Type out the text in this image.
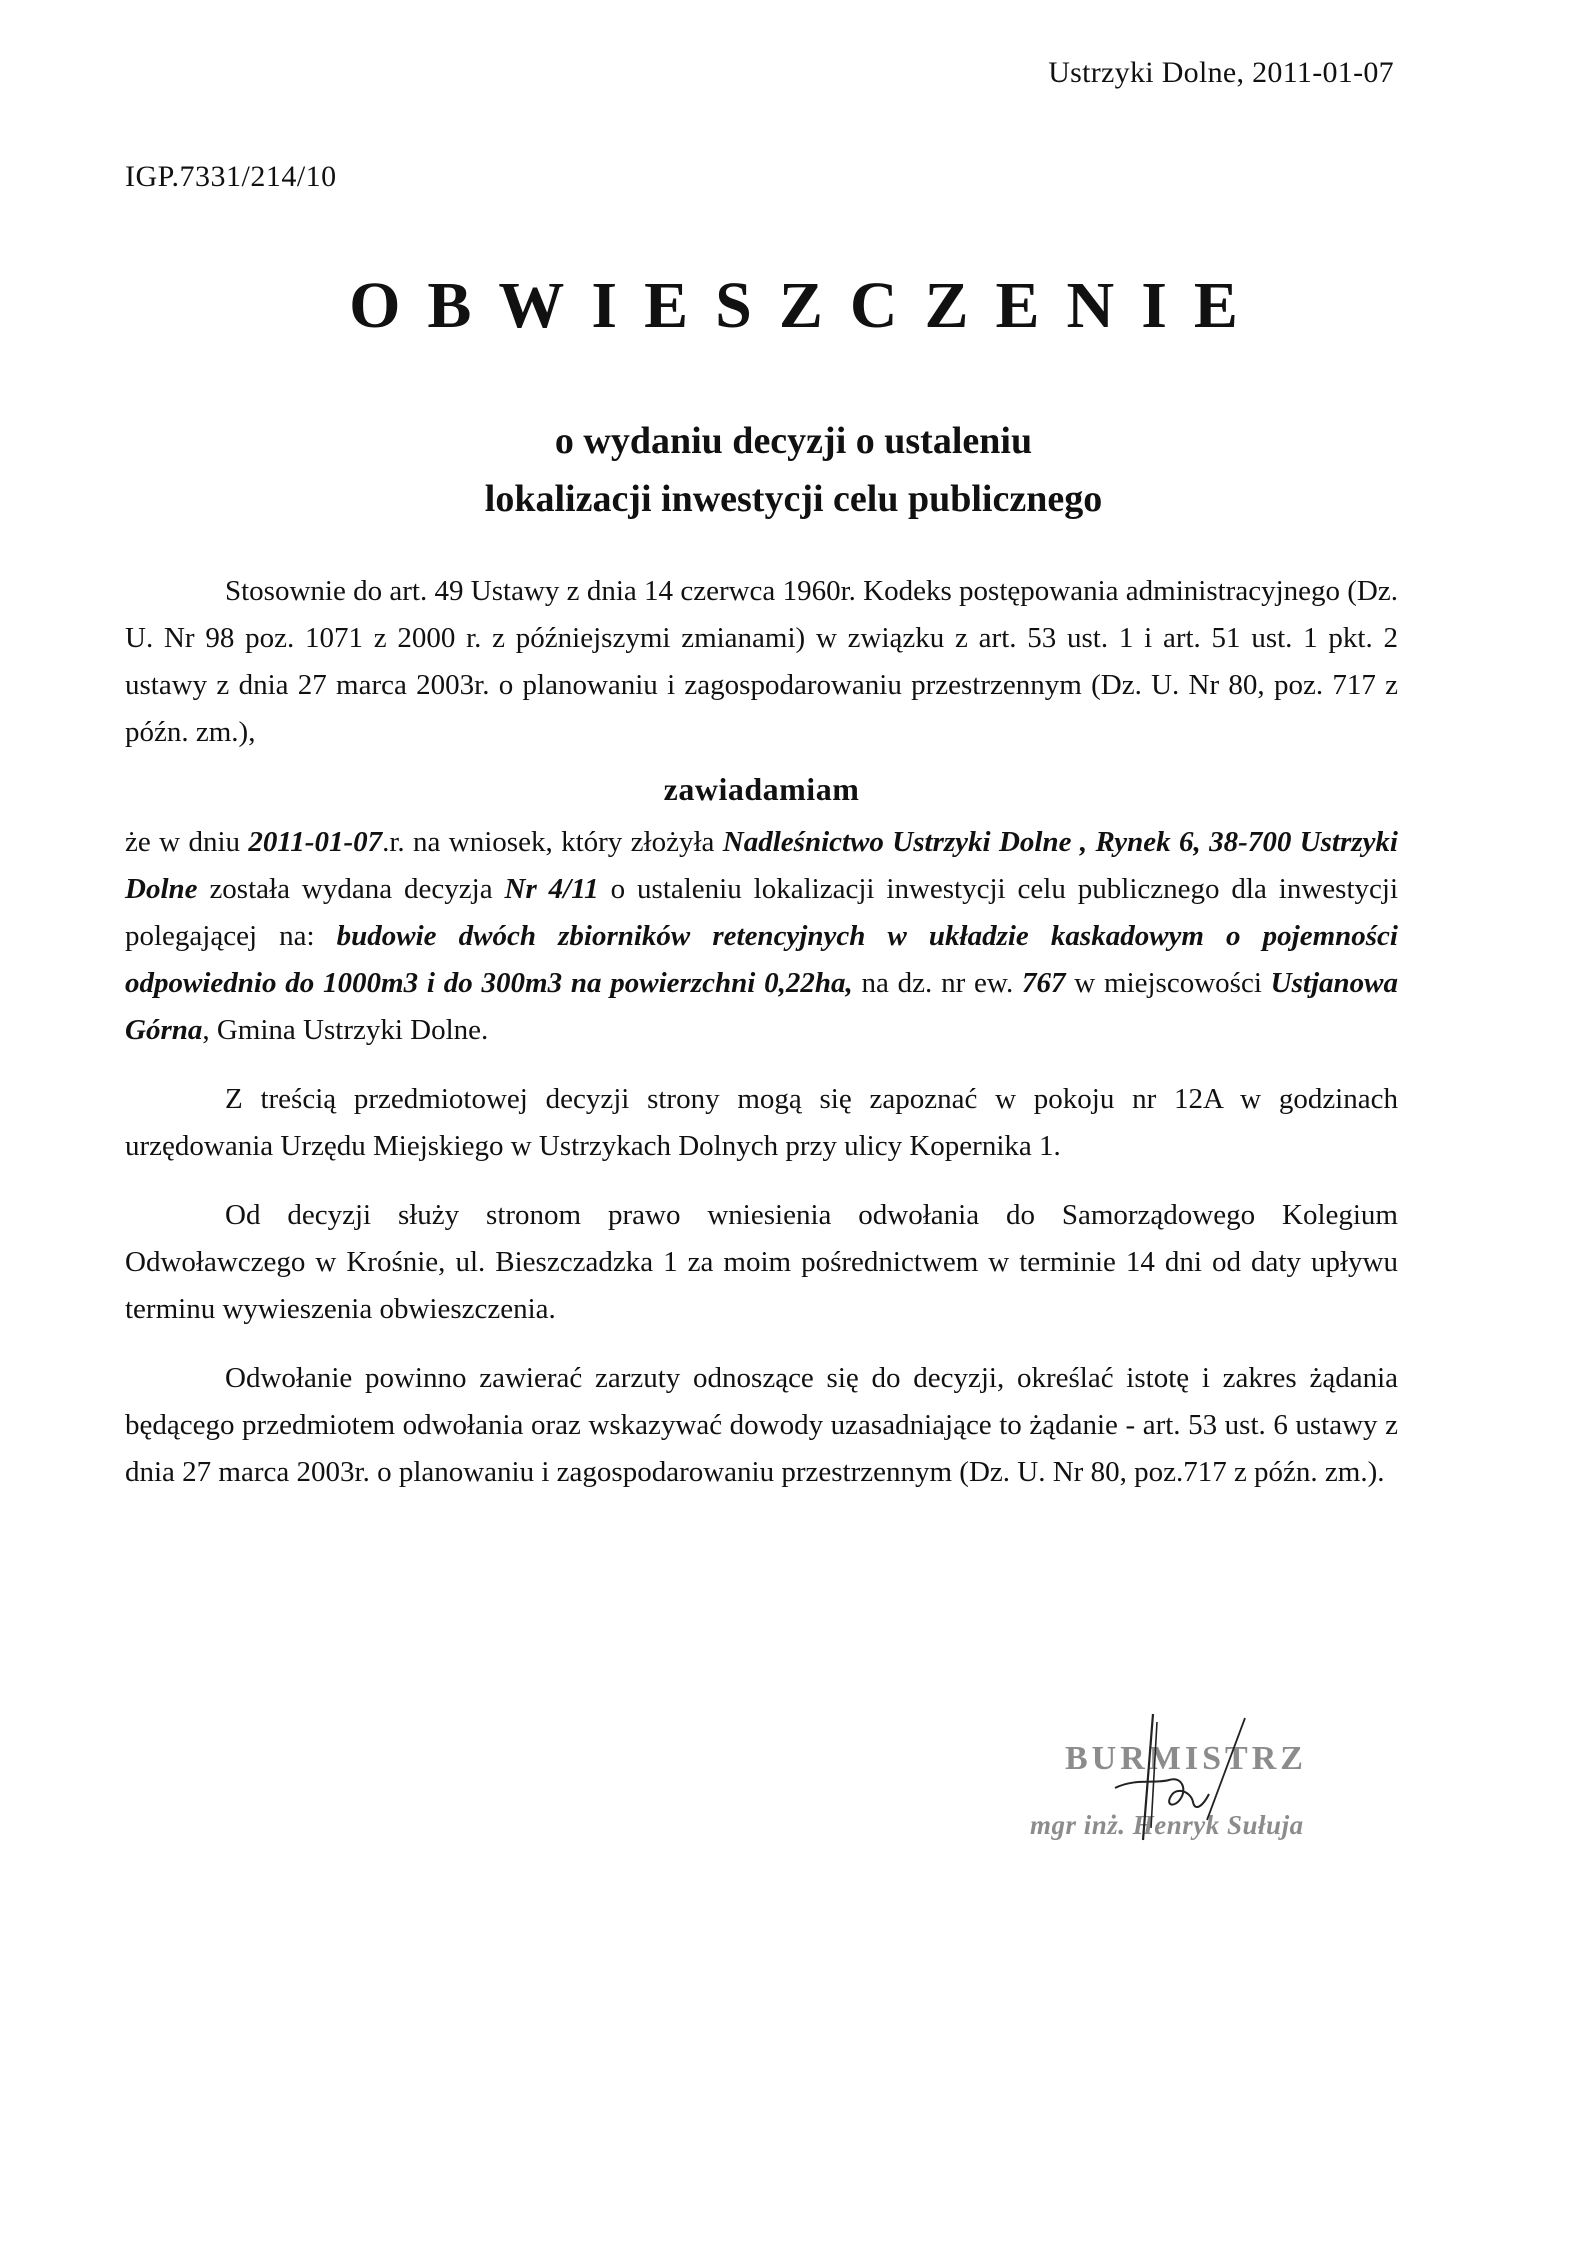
Ustrzyki Dolne, 2011-01-07
IGP.7331/214/10
OBWIESZCZENIE
o wydaniu decyzji o ustaleniu
lokalizacji inwestycji celu publicznego

Stosownie do art. 49 Ustawy z dnia 14 czerwca 1960r. Kodeks postępowania administracyjnego (Dz. U. Nr 98 poz. 1071 z 2000 r. z późniejszymi zmianami) w związku z art. 53 ust. 1 i art. 51 ust. 1 pkt. 2 ustawy z dnia 27 marca 2003r. o planowaniu i zagospodarowaniu przestrzennym (Dz. U. Nr 80, poz. 717 z późn. zm.),

zawiadamiam

że w dniu 2011-01-07.r. na wniosek, który złożyła Nadleśnictwo Ustrzyki Dolne , Rynek 6, 38-700 Ustrzyki Dolne została wydana decyzja Nr 4/11 o ustaleniu lokalizacji inwestycji celu publicznego dla inwestycji polegającej na: budowie dwóch zbiorników retencyjnych w układzie kaskadowym o pojemności odpowiednio do 1000m3 i do 300m3 na powierzchni 0,22ha, na dz. nr ew. 767 w miejscowości Ustjanowa Górna, Gmina Ustrzyki Dolne.

Z treścią przedmiotowej decyzji strony mogą się zapoznać w pokoju nr 12A w godzinach urzędowania Urzędu Miejskiego w Ustrzykach Dolnych przy ulicy Kopernika 1.

Od decyzji służy stronom prawo wniesienia odwołania do Samorządowego Kolegium Odwoławczego w Krośnie, ul. Bieszczadzka 1 za moim pośrednictwem w terminie 14 dni od daty upływu terminu wywieszenia obwieszczenia.

Odwołanie powinno zawierać zarzuty odnoszące się do decyzji, określać istotę i zakres żądania będącego przedmiotem odwołania oraz wskazywać dowody uzasadniające to żądanie - art. 53 ust. 6 ustawy z dnia 27 marca 2003r. o planowaniu i zagospodarowaniu przestrzennym (Dz. U. Nr 80, poz.717 z późn. zm.).

BURMISTRZ
mgr inż. Henryk Sułuja
